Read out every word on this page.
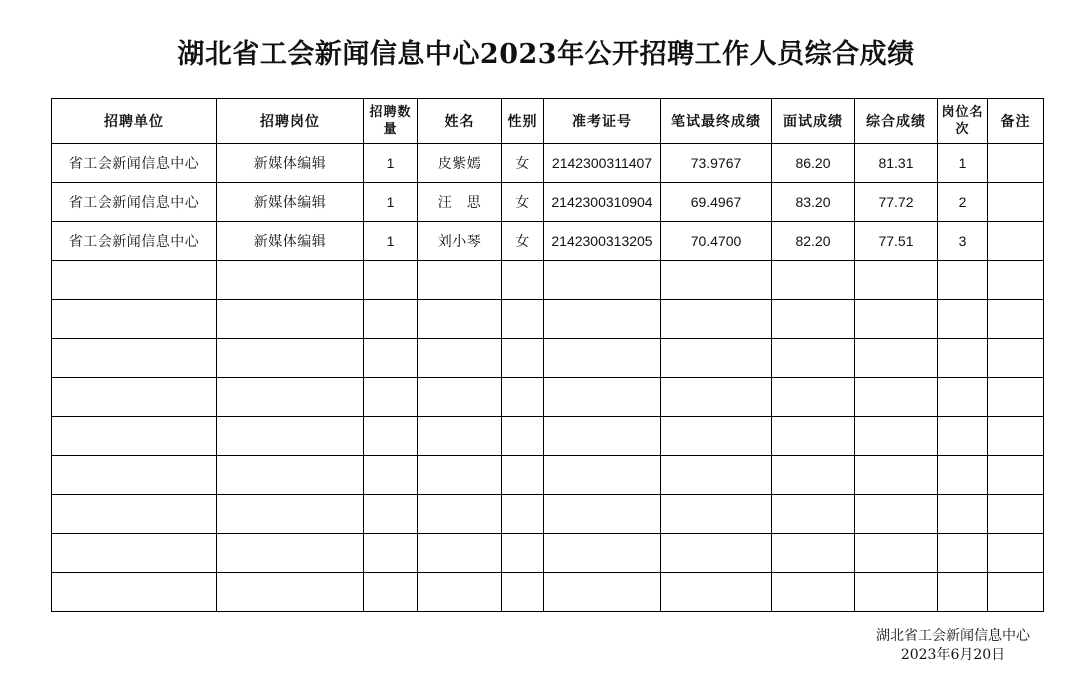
湖北省工会新闻信息中心2023年公开招聘工作人员综合成绩
招聘单位	招聘岗位	招聘数量	姓名	性别	准考证号	笔试最终成绩	面试成绩	综合成绩	岗位名次	备注
省工会新闻信息中心	新媒体编辑	1	皮紫嫣	女	2142300311407	73.9767	86.20	81.31	1	
省工会新闻信息中心	新媒体编辑	1	汪　思	女	2142300310904	69.4967	83.20	77.72	2	
省工会新闻信息中心	新媒体编辑	1	刘小琴	女	2142300313205	70.4700	82.20	77.51	3	

湖北省工会新闻信息中心
2023年6月20日
